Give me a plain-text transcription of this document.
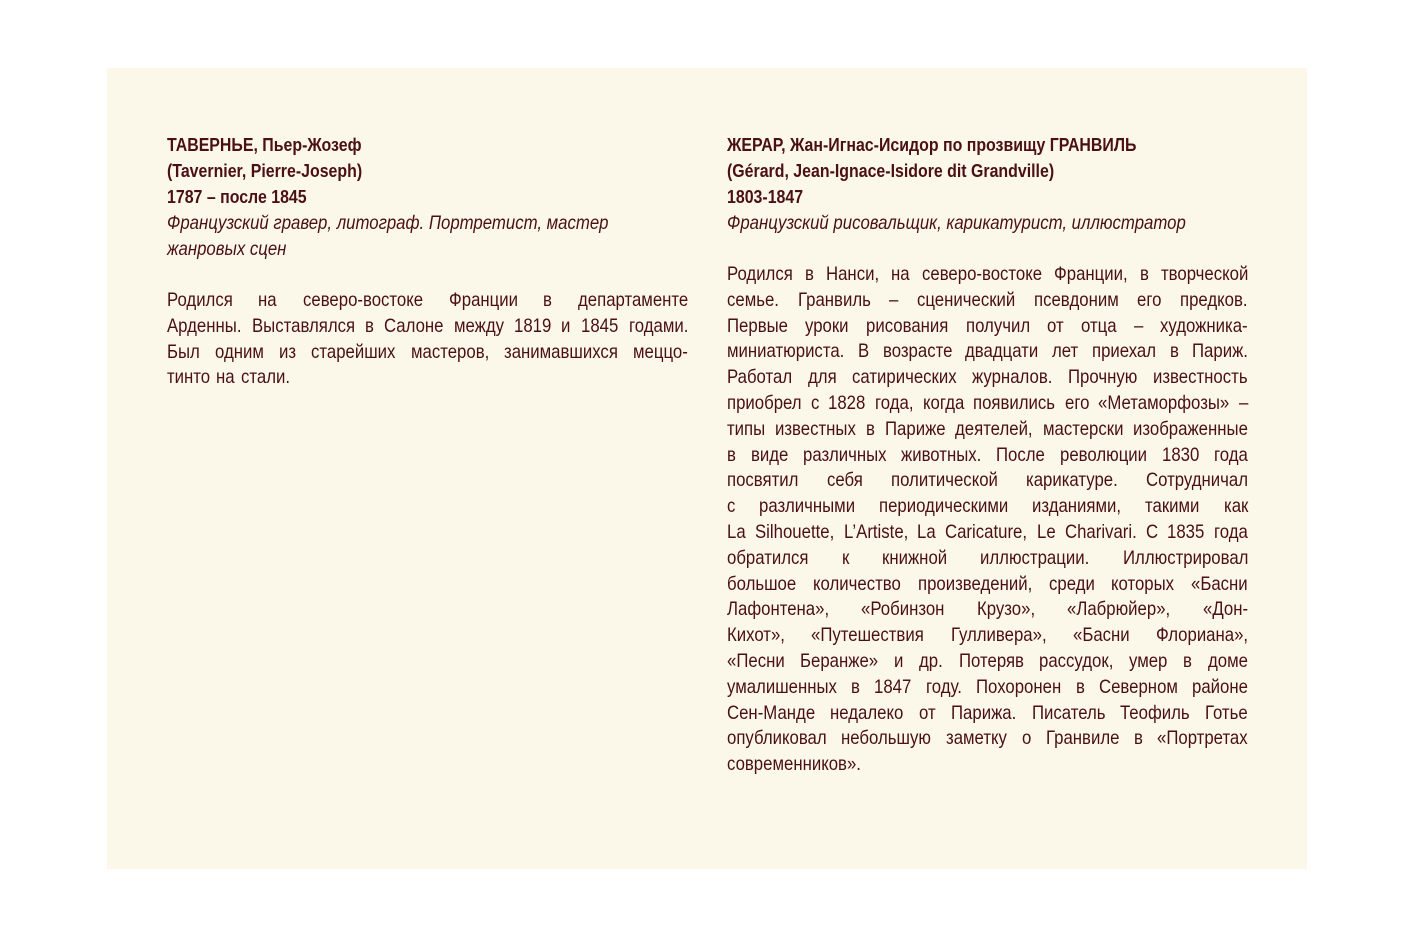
ТАВЕРНЬЕ, Пьер-Жозеф

(Tavernier, Pierre-Joseph)

1787 – после 1845

Французский гравер, литограф. Портретист, мастер

жанровых сцен

Родился на северо-востоке Франции в департаменте
Арденны. Выставлялся в Салоне между 1819 и 1845 годами.
Был одним из старейших мастеров, занимавшихся меццо-
тинто на стали.

ЖЕРАР, Жан-Игнас-Исидор по прозвищу ГРАНВИЛЬ

(Gérard, Jean-Ignace-Isidore dit Grandville)

1803-1847

Французский рисовальщик, карикатурист, иллюстратор

Родился в Нанси, на северо-востоке Франции, в творческой
семье. Гранвиль – сценический псевдоним его предков.
Первые уроки рисования получил от отца – художника-
миниатюриста. В возрасте двадцати лет приехал в Париж.
Работал для сатирических журналов. Прочную известность
приобрел с 1828 года, когда появились его «Метаморфозы» –
типы известных в Париже деятелей, мастерски изображенные
в виде различных животных. После революции 1830 года
посвятил себя политической карикатуре. Сотрудничал
с различными периодическими изданиями, такими как
La Silhouette, L’Artiste, La Caricature, Le Charivari. С 1835 года
обратился к книжной иллюстрации. Иллюстрировал
большое количество произведений, среди которых «Басни
Лафонтена», «Робинзон Крузо», «Лабрюйер», «Дон-
Кихот», «Путешествия Гулливера», «Басни Флориана»,
«Песни Беранже» и др. Потеряв рассудок, умер в доме
умалишенных в 1847 году. Похоронен в Северном районе
Сен-Манде недалеко от Парижа. Писатель Теофиль Готье
опубликовал небольшую заметку о Гранвиле в «Портретах
современников».
